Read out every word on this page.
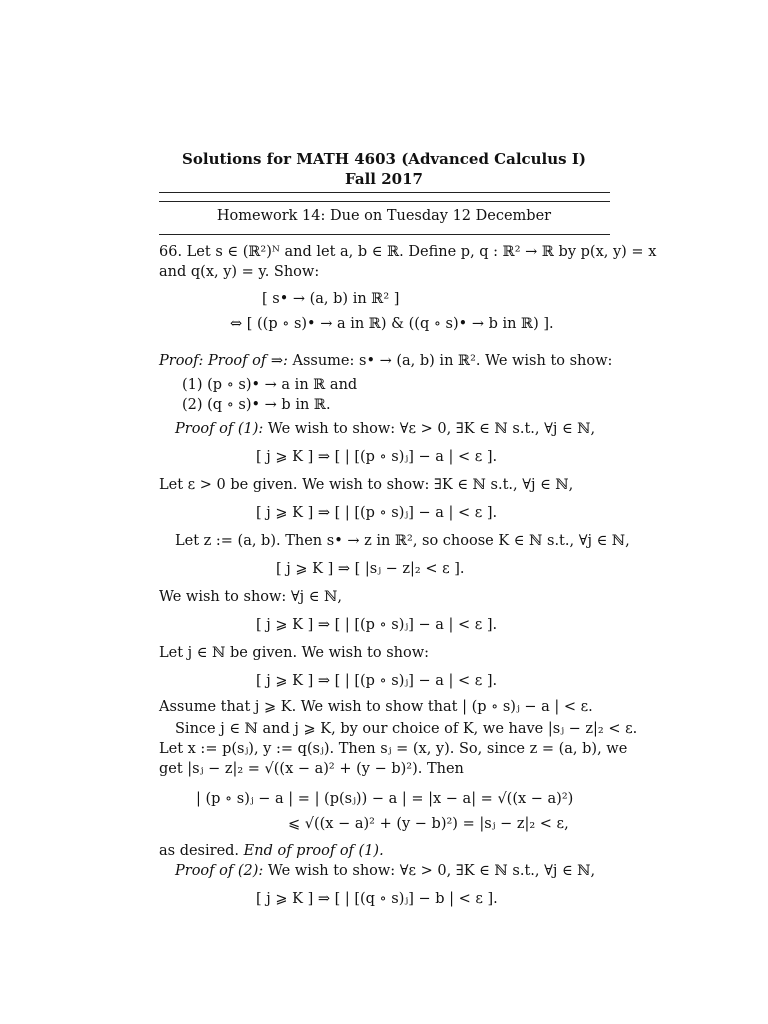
Solutions for MATH 4603 (Advanced Calculus I)
Fall 2017
Homework 14: Due on Tuesday 12 December
66. Let s ∈ (ℝ²)ᴺ and let a, b ∈ ℝ. Define p, q : ℝ² → ℝ by p(x, y) = x
and q(x, y) = y. Show:
[ s• → (a, b) in ℝ² ]
⇔ [ ((p ∘ s)• → a in ℝ) & ((q ∘ s)• → b in ℝ) ].
Proof: Proof of ⇒: Assume: s• → (a, b) in ℝ². We wish to show:
(1) (p ∘ s)• → a in ℝ and
(2) (q ∘ s)• → b in ℝ.
Proof of (1): We wish to show: ∀ε > 0, ∃K ∈ ℕ s.t., ∀j ∈ ℕ,
[ j ⩾ K ] ⇒ [ | [(p ∘ s)ⱼ] − a | < ε ].
Let ε > 0 be given. We wish to show: ∃K ∈ ℕ s.t., ∀j ∈ ℕ,
[ j ⩾ K ] ⇒ [ | [(p ∘ s)ⱼ] − a | < ε ].
Let z := (a, b). Then s• → z in ℝ², so choose K ∈ ℕ s.t., ∀j ∈ ℕ,
[ j ⩾ K ] ⇒ [ |sⱼ − z|₂ < ε ].
We wish to show: ∀j ∈ ℕ,
[ j ⩾ K ] ⇒ [ | [(p ∘ s)ⱼ] − a | < ε ].
Let j ∈ ℕ be given. We wish to show:
[ j ⩾ K ] ⇒ [ | [(p ∘ s)ⱼ] − a | < ε ].
Assume that j ⩾ K. We wish to show that | (p ∘ s)ⱼ − a | < ε.
Since j ∈ ℕ and j ⩾ K, by our choice of K, we have |sⱼ − z|₂ < ε.
Let x := p(sⱼ), y := q(sⱼ). Then sⱼ = (x, y). So, since z = (a, b), we
get |sⱼ − z|₂ = √((x − a)² + (y − b)²). Then
| (p ∘ s)ⱼ − a | = | (p(sⱼ)) − a | = |x − a| = √((x − a)²)
⩽ √((x − a)² + (y − b)²) = |sⱼ − z|₂ < ε,
as desired. End of proof of (1).
Proof of (2): We wish to show: ∀ε > 0, ∃K ∈ ℕ s.t., ∀j ∈ ℕ,
[ j ⩾ K ] ⇒ [ | [(q ∘ s)ⱼ] − b | < ε ].
